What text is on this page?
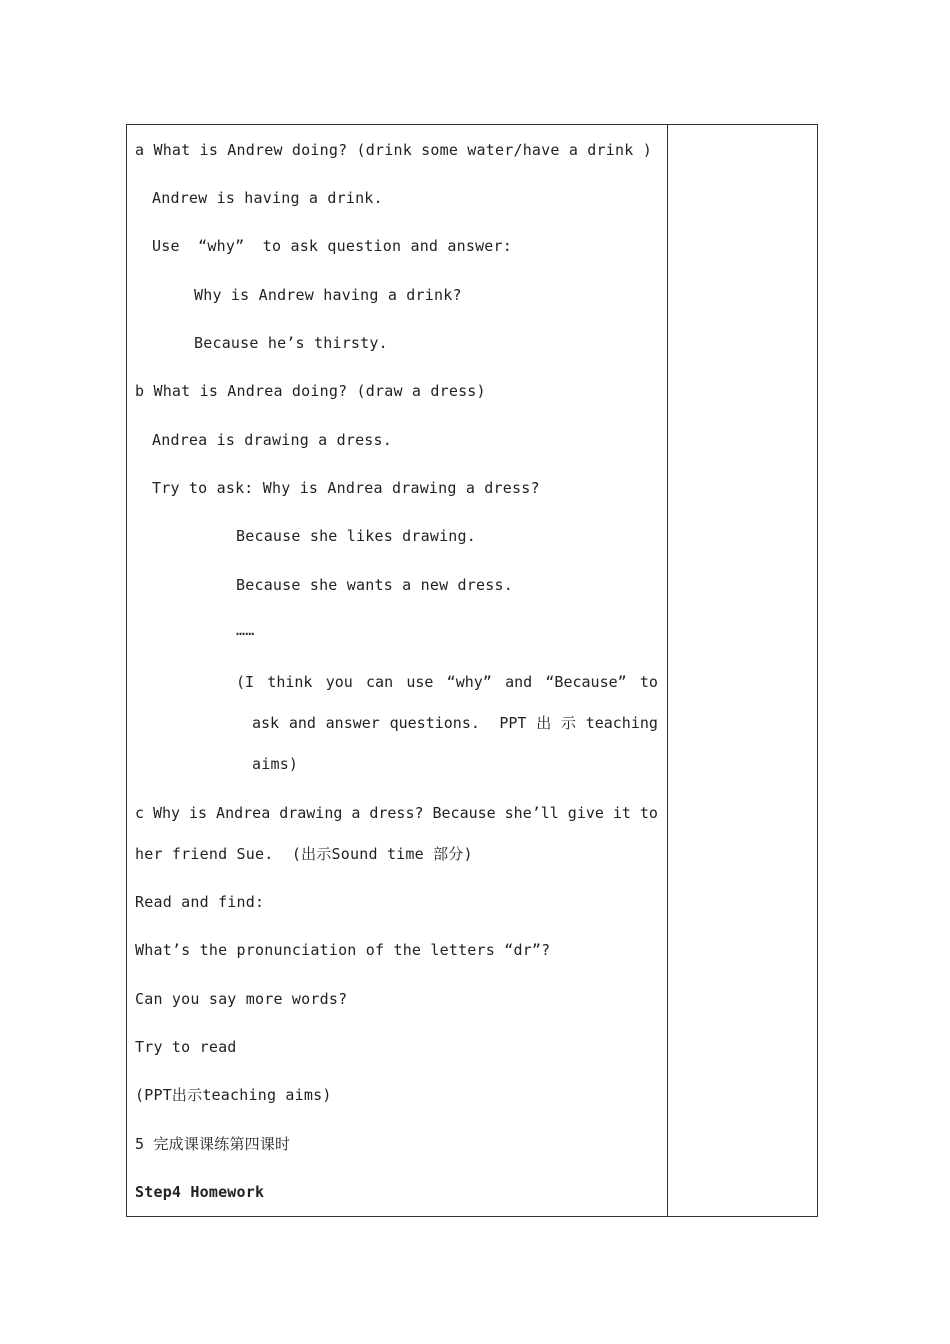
a What is Andrew doing? (drink some water/have a drink )
Andrew is having a drink.
Use  “why”  to ask question and answer:
Why is Andrew having a drink?
Because he’s thirsty.
b What is Andrea doing? (draw a dress)
Andrea is drawing a dress.
Try to ask: Why is Andrea drawing a dress?
Because she likes drawing.
Because she wants a new dress.
……
(I think you can use “why” and “Because” to
ask and answer questions. PPT 出 示 teaching
aims)
c Why is Andrea drawing a dress? Because she’ll give it to
her friend Sue.  (出示Sound time 部分)
Read and find:
What’s the pronunciation of the letters “dr”?
Can you say more words?
Try to read
(PPT出示teaching aims)
5 完成课课练第四课时
Step4 Homework
